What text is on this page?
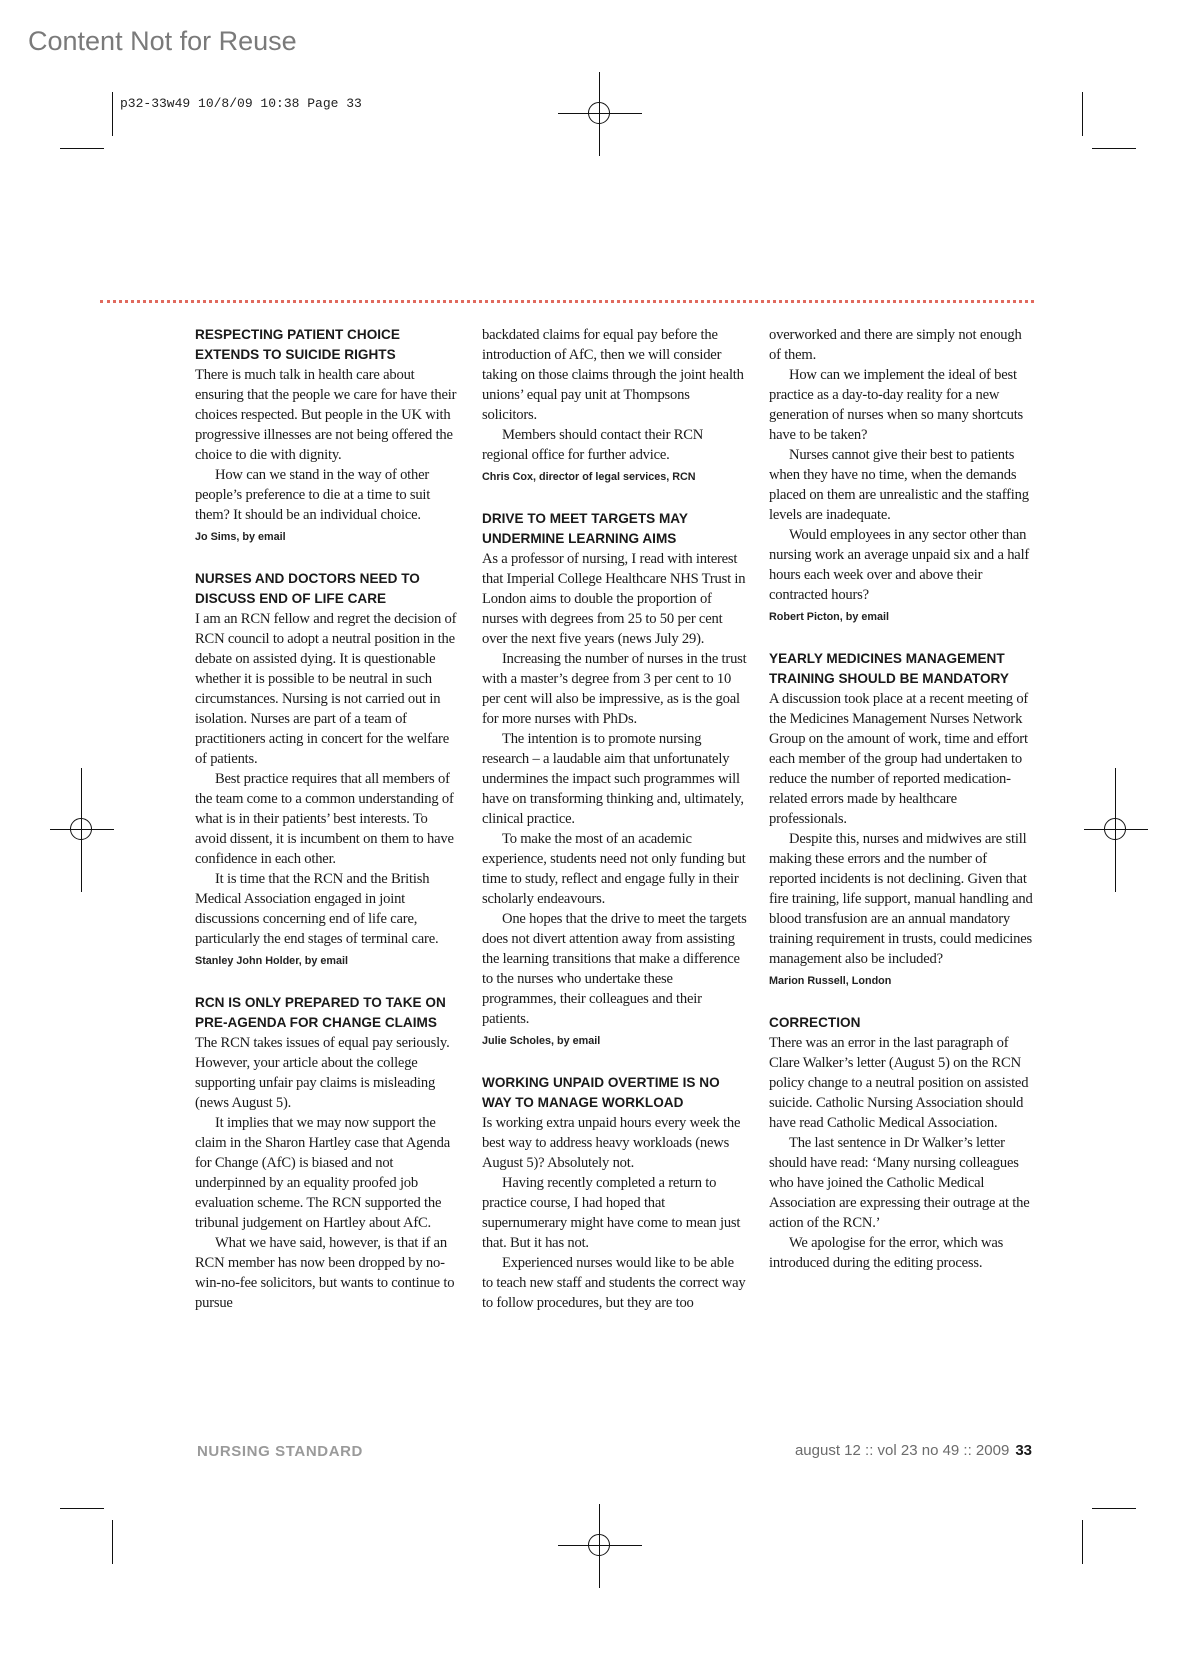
Content Not for Reuse
p32-33w49 10/8/09 10:38 Page 33
RESPECTING PATIENT CHOICE EXTENDS TO SUICIDE RIGHTS

There is much talk in health care about ensuring that the people we care for have their choices respected. But people in the UK with progressive illnesses are not being offered the choice to die with dignity.

How can we stand in the way of other people’s preference to die at a time to suit them? It should be an individual choice.

Jo Sims, by email
NURSES AND DOCTORS NEED TO DISCUSS END OF LIFE CARE

I am an RCN fellow and regret the decision of RCN council to adopt a neutral position in the debate on assisted dying. It is questionable whether it is possible to be neutral in such circumstances. Nursing is not carried out in isolation. Nurses are part of a team of practitioners acting in concert for the welfare of patients.

Best practice requires that all members of the team come to a common understanding of what is in their patients’ best interests. To avoid dissent, it is incumbent on them to have confidence in each other.

It is time that the RCN and the British Medical Association engaged in joint discussions concerning end of life care, particularly the end stages of terminal care.

Stanley John Holder, by email
RCN IS ONLY PREPARED TO TAKE ON PRE-AGENDA FOR CHANGE CLAIMS

The RCN takes issues of equal pay seriously. However, your article about the college supporting unfair pay claims is misleading (news August 5).

It implies that we may now support the claim in the Sharon Hartley case that Agenda for Change (AfC) is biased and not underpinned by an equality proofed job evaluation scheme. The RCN supported the tribunal judgement on Hartley about AfC.

What we have said, however, is that if an RCN member has now been dropped by no-win-no-fee solicitors, but wants to continue to pursue

backdated claims for equal pay before the introduction of AfC, then we will consider taking on those claims through the joint health unions’ equal pay unit at Thompsons solicitors.

Members should contact their RCN regional office for further advice.

Chris Cox, director of legal services, RCN
DRIVE TO MEET TARGETS MAY UNDERMINE LEARNING AIMS

As a professor of nursing, I read with interest that Imperial College Healthcare NHS Trust in London aims to double the proportion of nurses with degrees from 25 to 50 per cent over the next five years (news July 29).

Increasing the number of nurses in the trust with a master’s degree from 3 per cent to 10 per cent will also be impressive, as is the goal for more nurses with PhDs.

The intention is to promote nursing research – a laudable aim that unfortunately undermines the impact such programmes will have on transforming thinking and, ultimately, clinical practice.

To make the most of an academic experience, students need not only funding but time to study, reflect and engage fully in their scholarly endeavours.

One hopes that the drive to meet the targets does not divert attention away from assisting the learning transitions that make a difference to the nurses who undertake these programmes, their colleagues and their patients.

Julie Scholes, by email
WORKING UNPAID OVERTIME IS NO WAY TO MANAGE WORKLOAD

Is working extra unpaid hours every week the best way to address heavy workloads (news August 5)? Absolutely not.

Having recently completed a return to practice course, I had hoped that supernumerary might have come to mean just that. But it has not.

Experienced nurses would like to be able to teach new staff and students the correct way to follow procedures, but they are too

overworked and there are simply not enough of them.

How can we implement the ideal of best practice as a day-to-day reality for a new generation of nurses when so many shortcuts have to be taken?

Nurses cannot give their best to patients when they have no time, when the demands placed on them are unrealistic and the staffing levels are inadequate.

Would employees in any sector other than nursing work an average unpaid six and a half hours each week over and above their contracted hours?

Robert Picton, by email
YEARLY MEDICINES MANAGEMENT TRAINING SHOULD BE MANDATORY

A discussion took place at a recent meeting of the Medicines Management Nurses Network Group on the amount of work, time and effort each member of the group had undertaken to reduce the number of reported medication-related errors made by healthcare professionals.

Despite this, nurses and midwives are still making these errors and the number of reported incidents is not declining. Given that fire training, life support, manual handling and blood transfusion are an annual mandatory training requirement in trusts, could medicines management also be included?

Marion Russell, London
CORRECTION

There was an error in the last paragraph of Clare Walker’s letter (August 5) on the RCN policy change to a neutral position on assisted suicide. Catholic Nursing Association should have read Catholic Medical Association.

The last sentence in Dr Walker’s letter should have read: ‘Many nursing colleagues who have joined the Catholic Medical Association are expressing their outrage at the action of the RCN.’

We apologise for the error, which was introduced during the editing process.

NURSING STANDARD	august 12 :: vol 23 no 49 :: 2009 33
